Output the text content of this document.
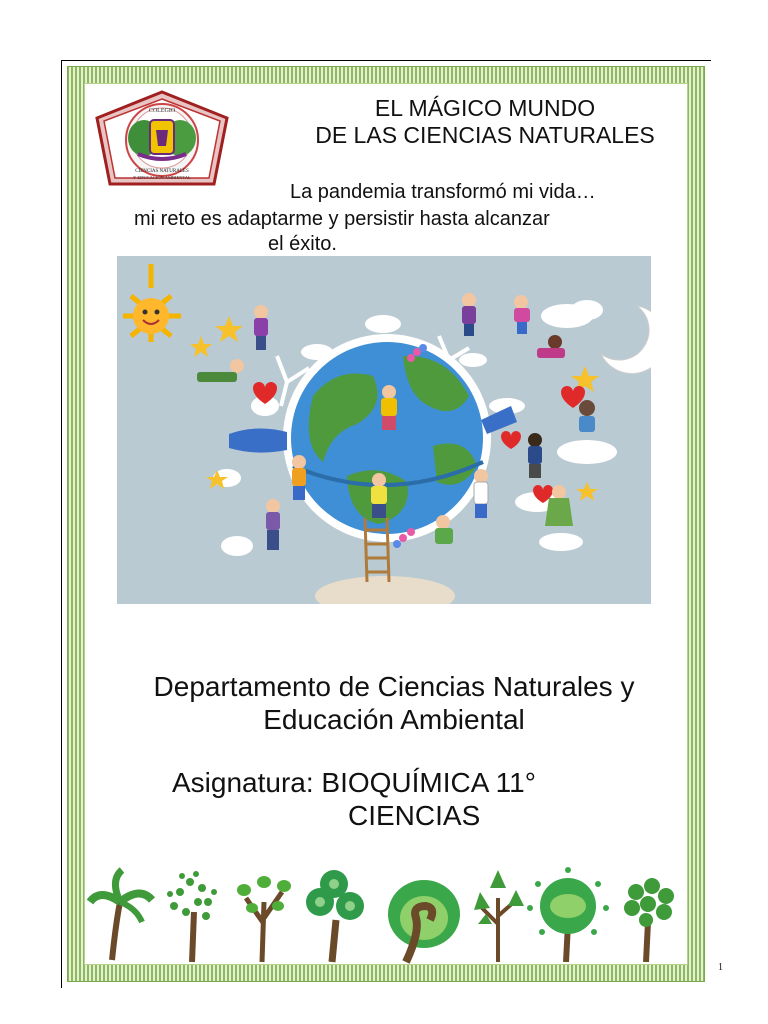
COLEGIO
CIENCIAS NATURALES
Y EDUCACIÓN AMBIENTAL
EL MÁGICO MUNDO
DE LAS CIENCIAS NATURALES
La pandemia transformó mi vida…
mi reto es adaptarme y persistir hasta alcanzar
el éxito.
Departamento de Ciencias Naturales y
Educación Ambiental
Asignatura: BIOQUÍMICA 11°
CIENCIAS
1
